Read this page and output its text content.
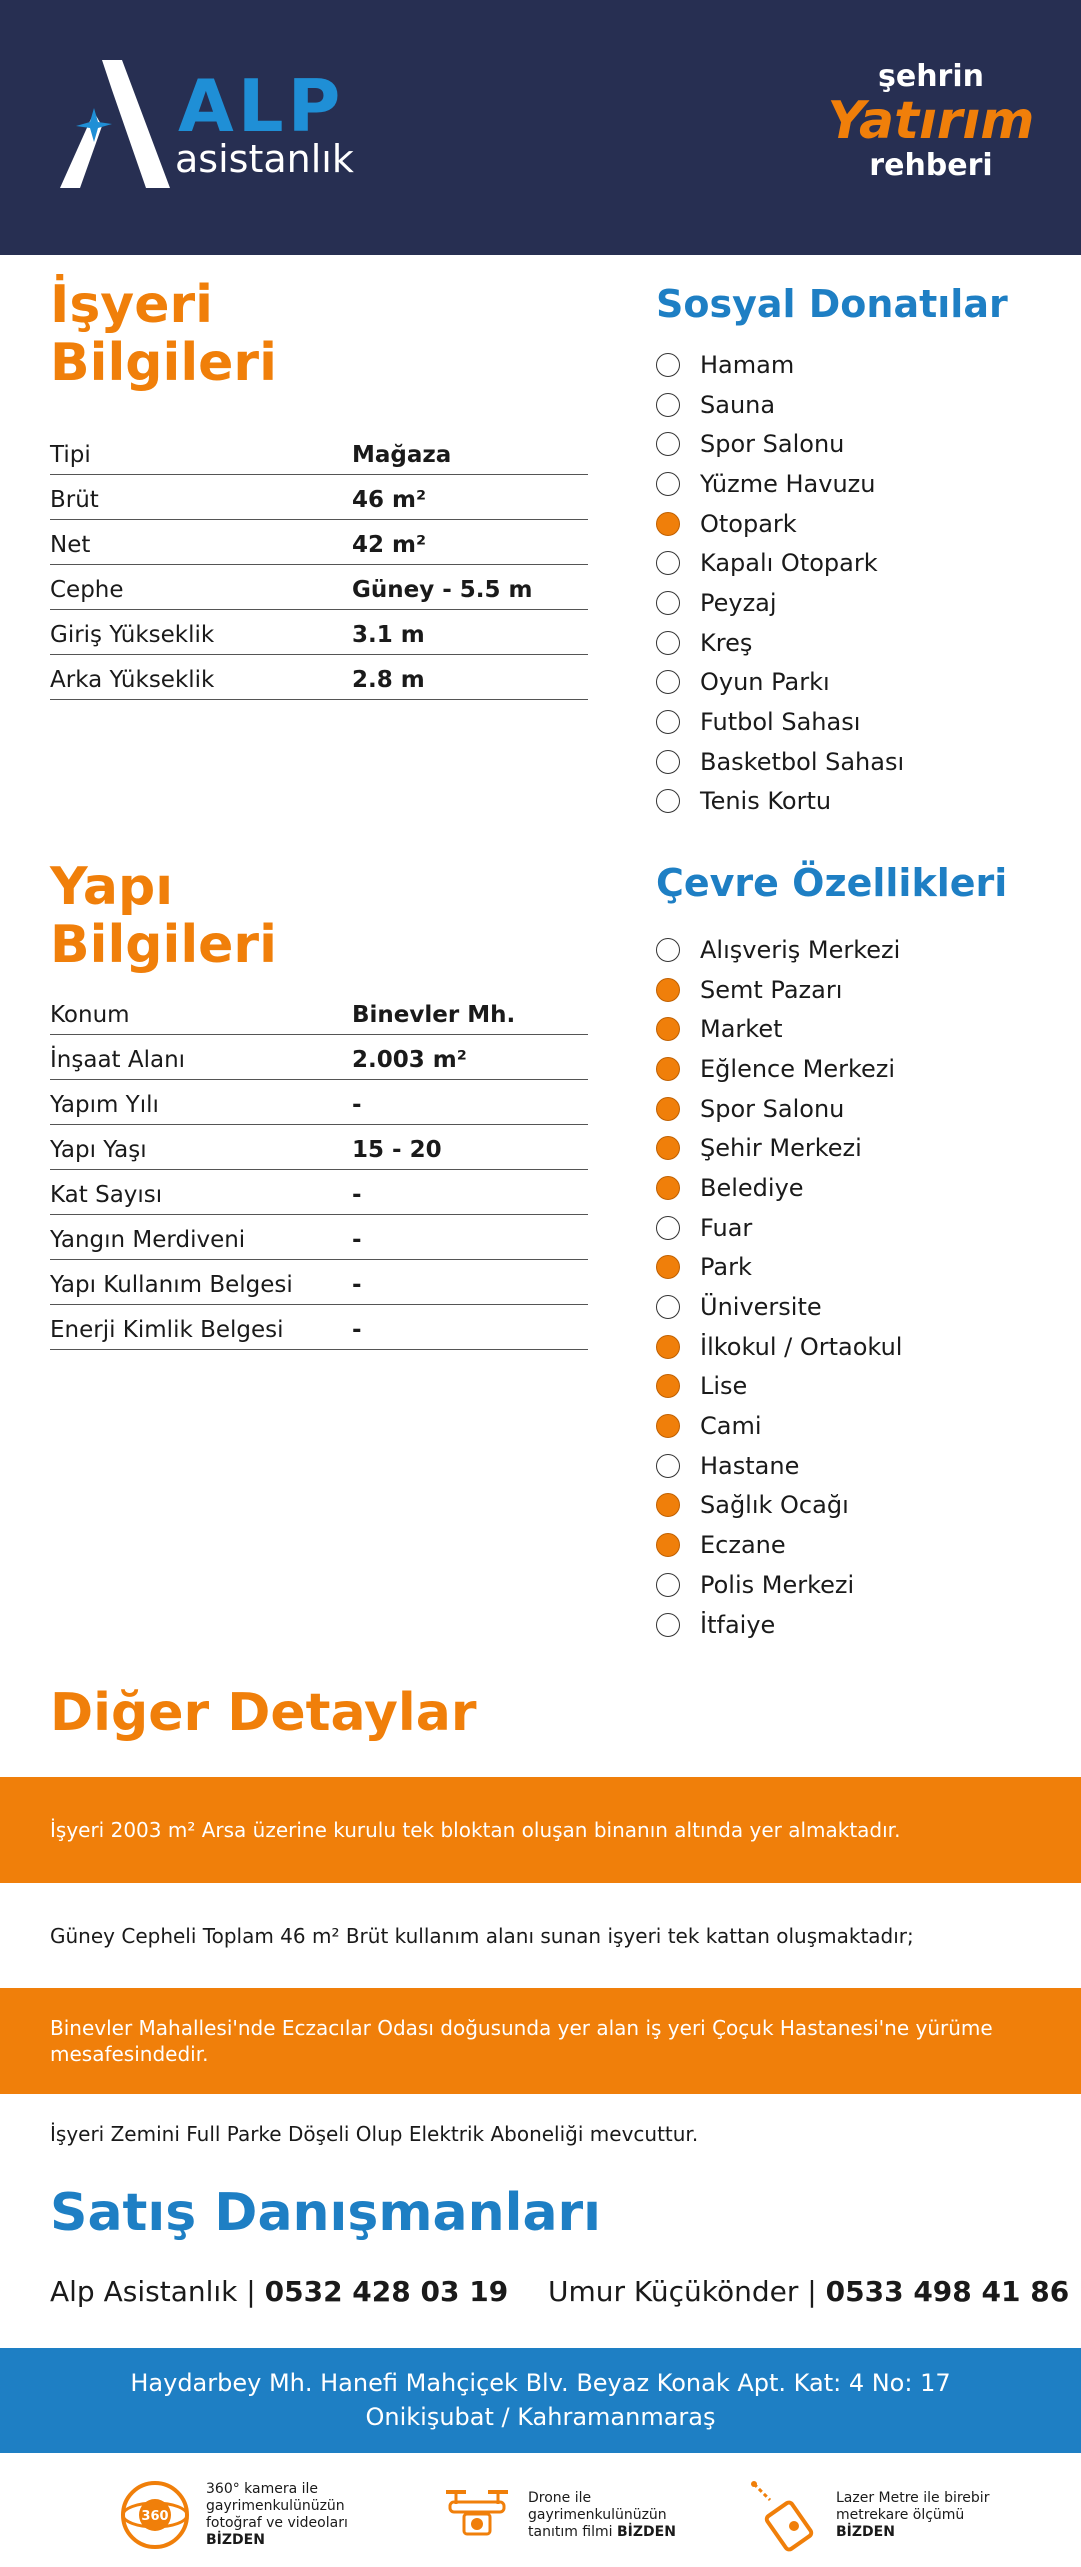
ALP
asistanlık
şehrin
Yatırım
rehberi
İşyeri
Bilgileri
Tipi	Mağaza
Brüt	46 m²
Net	42 m²
Cephe	Güney - 5.5 m
Giriş Yükseklik	3.1 m
Arka Yükseklik	2.8 m
Yapı
Bilgileri
Konum	Binevler Mh.
İnşaat Alanı	2.003 m²
Yapım Yılı	-
Yapı Yaşı	15 - 20
Kat Sayısı	-
Yangın Merdiveni	-
Yapı Kullanım Belgesi	-
Enerji Kimlik Belgesi	-
Sosyal Donatılar
Hamam
Sauna
Spor Salonu
Yüzme Havuzu
Otopark
Kapalı Otopark
Peyzaj
Kreş
Oyun Parkı
Futbol Sahası
Basketbol Sahası
Tenis Kortu
Çevre Özellikleri
Alışveriş Merkezi
Semt Pazarı
Market
Eğlence Merkezi
Spor Salonu
Şehir Merkezi
Belediye
Fuar
Park
Üniversite
İlkokul / Ortaokul
Lise
Cami
Hastane
Sağlık Ocağı
Eczane
Polis Merkezi
İtfaiye
Diğer Detaylar
İşyeri 2003 m² Arsa üzerine kurulu tek bloktan oluşan binanın altında yer almaktadır.
Güney Cepheli Toplam 46 m² Brüt kullanım alanı sunan işyeri tek kattan oluşmaktadır;
Binevler Mahallesi'nde Eczacılar Odası doğusunda yer alan iş yeri Çoçuk Hastanesi'ne yürüme mesafesindedir.
İşyeri Zemini Full Parke Döşeli Olup Elektrik Aboneliği mevcuttur.
Satış Danışmanları
Alp Asistanlık | 0532 428 03 19 Umur Küçükönder | 0533 498 41 86
Haydarbey Mh. Hanefi Mahçiçek Blv. Beyaz Konak Apt. Kat: 4 No: 17
Onikişubat / Kahramanmaraş
360
360° kamera ile gayrimenkulünüzün fotoğraf ve videoları BİZDEN
Drone ile gayrimenkulünüzün tanıtım filmi BİZDEN
Lazer Metre ile birebir metrekare ölçümü BİZDEN
